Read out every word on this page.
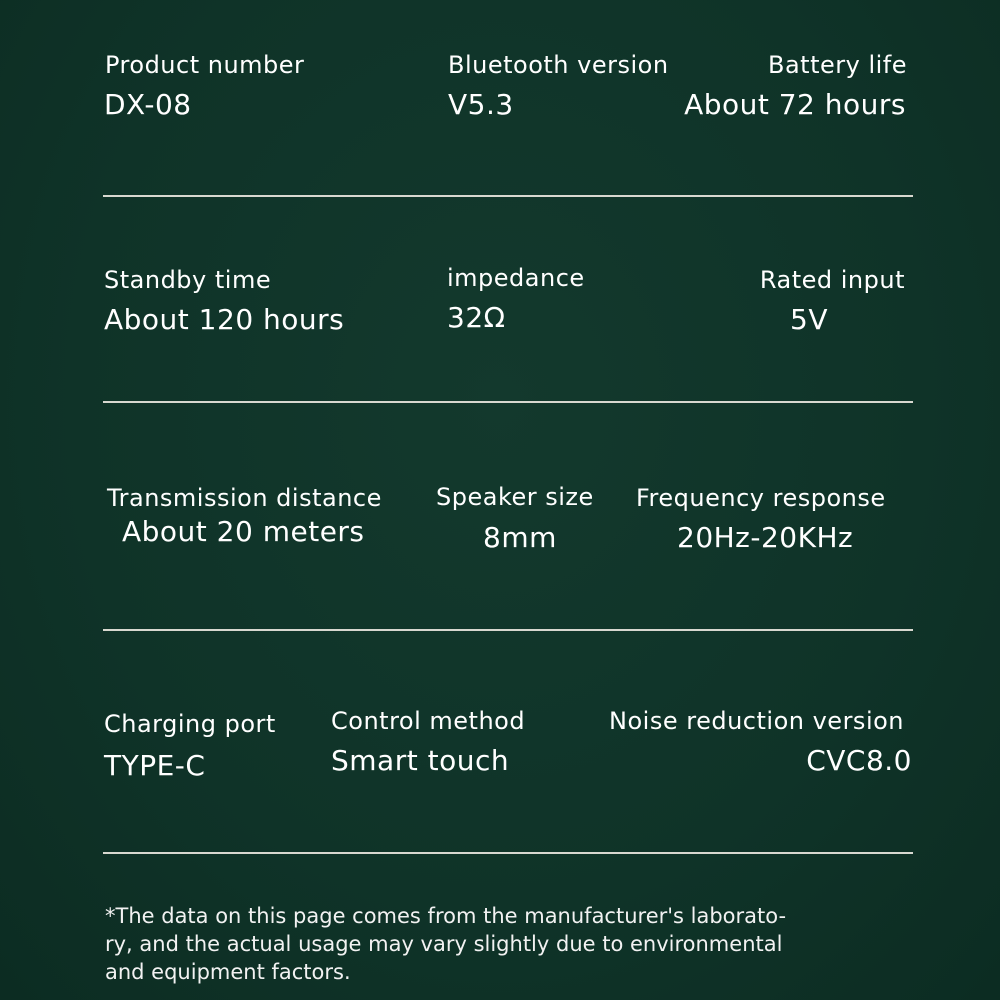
Product number
DX-08
Bluetooth version
V5.3
Battery life
About 72 hours
Standby time
About 120 hours
impedance
32Ω
Rated input
5V
Transmission distance
About 20 meters
Speaker size
8mm
Frequency response
20Hz-20KHz
Charging port
TYPE-C
Control method
Smart touch
Noise reduction version
CVC8.0
*The data on this page comes from the manufacturer's laborato-
ry, and the actual usage may vary slightly due to environmental
and equipment factors.
